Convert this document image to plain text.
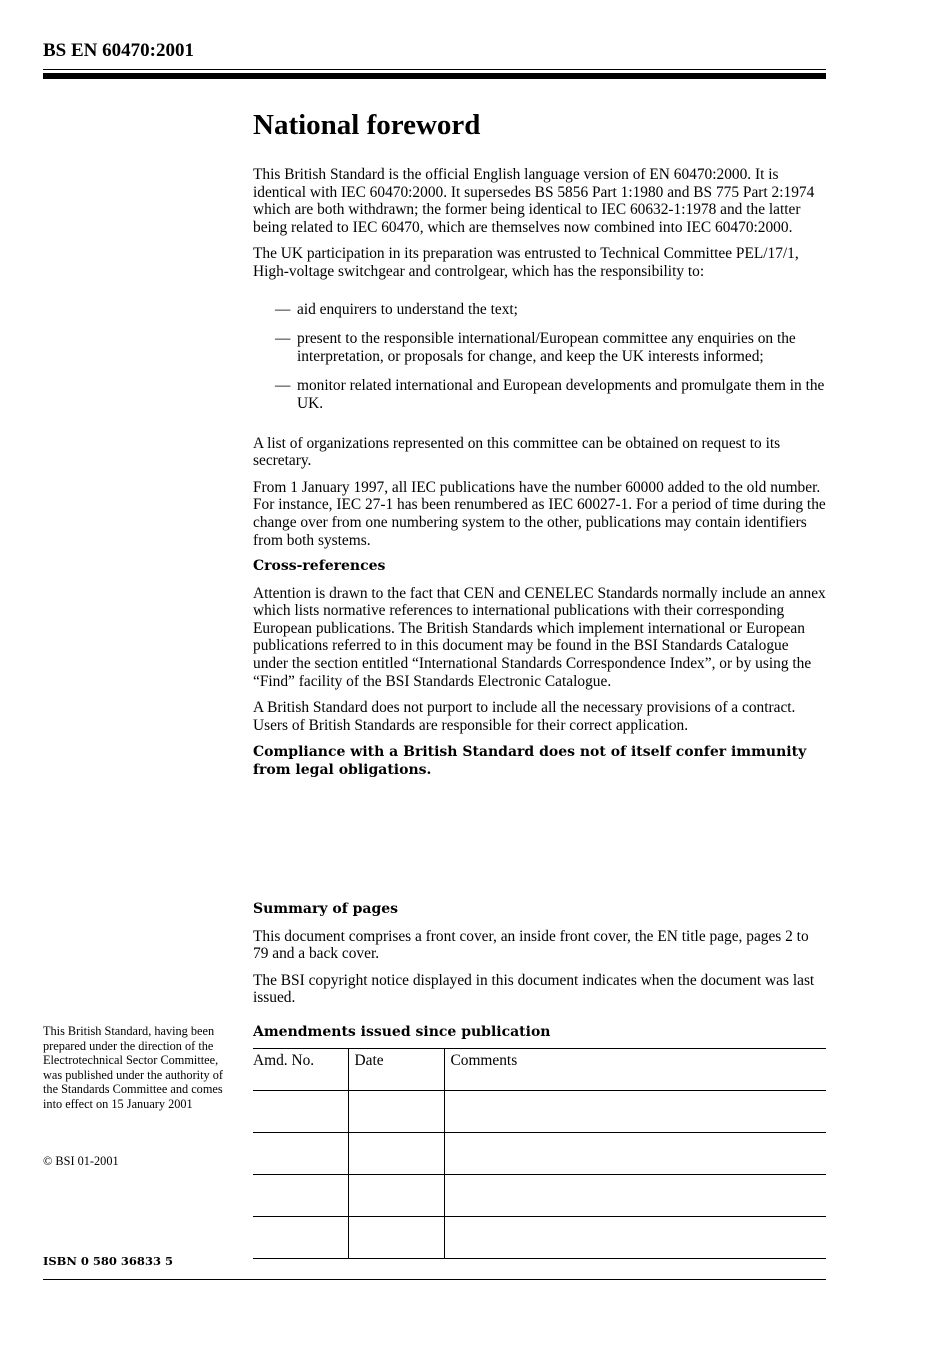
BS EN 60470:2001
National foreword

This British Standard is the official English language version of EN 60470:2000. It is identical with IEC 60470:2000. It supersedes BS 5856 Part 1:1980 and BS 775 Part 2:1974 which are both withdrawn; the former being identical to IEC 60632-1:1978 and the latter being related to IEC 60470, which are themselves now combined into IEC 60470:2000.

The UK participation in its preparation was entrusted to Technical Committee PEL/17/1, High-voltage switchgear and controlgear, which has the responsibility to:

— aid enquirers to understand the text;
— present to the responsible international/European committee any enquiries on the interpretation, or proposals for change, and keep the UK interests informed;
— monitor related international and European developments and promulgate them in the UK.

A list of organizations represented on this committee can be obtained on request to its secretary.

From 1 January 1997, all IEC publications have the number 60000 added to the old number. For instance, IEC 27-1 has been renumbered as IEC 60027-1. For a period of time during the change over from one numbering system to the other, publications may contain identifiers from both systems.

Cross-references

Attention is drawn to the fact that CEN and CENELEC Standards normally include an annex which lists normative references to international publications with their corresponding European publications. The British Standards which implement international or European publications referred to in this document may be found in the BSI Standards Catalogue under the section entitled “International Standards Correspondence Index”, or by using the “Find” facility of the BSI Standards Electronic Catalogue.

A British Standard does not purport to include all the necessary provisions of a contract. Users of British Standards are responsible for their correct application.

Compliance with a British Standard does not of itself confer immunity from legal obligations.

Summary of pages

This document comprises a front cover, an inside front cover, the EN title page, pages 2 to 79 and a back cover.

The BSI copyright notice displayed in this document indicates when the document was last issued.

This British Standard, having been prepared under the direction of the Electrotechnical Sector Committee, was published under the authority of the Standards Committee and comes into effect on 15 January 2001
© BSI 01-2001
ISBN 0 580 36833 5
Amendments issued since publication
Amd. No.	Date	Comments
